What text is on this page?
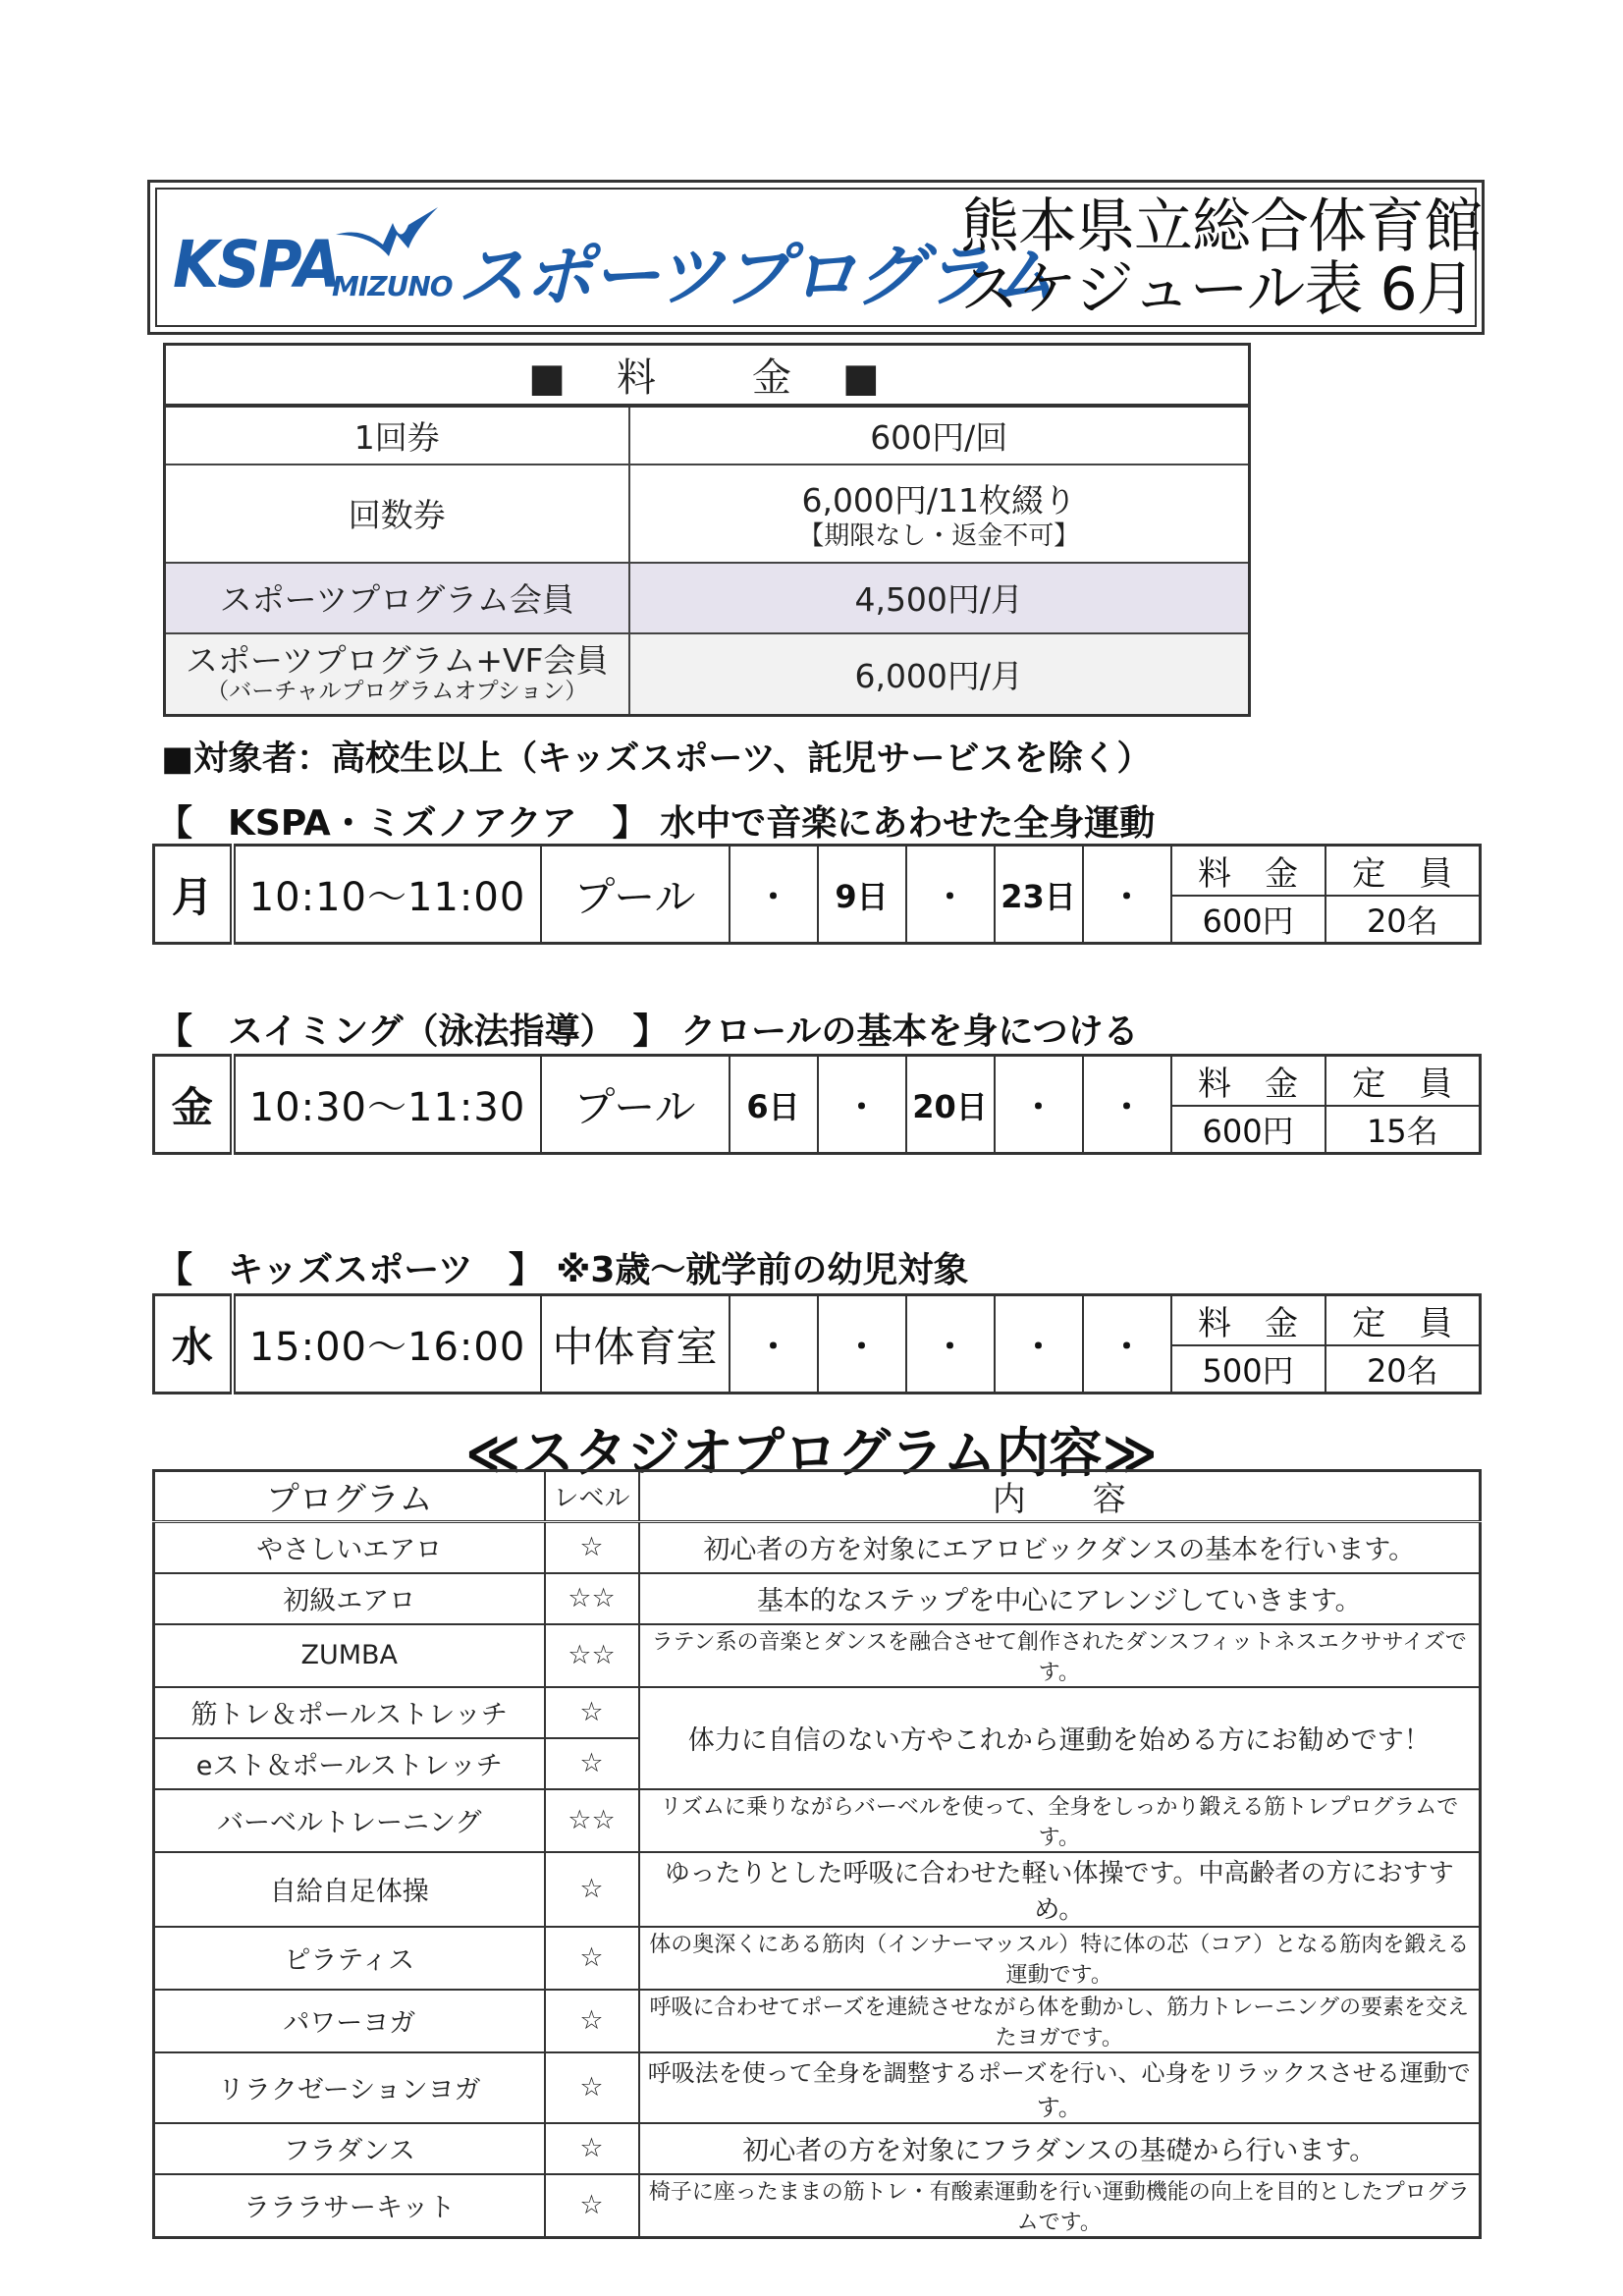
KSPA
MIZUNO スポーツプログラム
熊本県立総合体育館
スケジュール表 6月
■　料　　金　■	
1回券	600円/回
回数券	6,000円/11枚綴り
【期限なし・返金不可】

スポーツプログラム会員	4,500円/月

スポーツプログラム+VF会員
（バーチャルプログラムオプション）	6,000円/月
■対象者：高校生以上（キッズスポーツ、託児サービスを除く）
【　KSPA・ミズノアクア　】 水中で音楽にあわせた全身運動
月	10:10～11:00	プール	・	9日	・	23日	・	料　金	定　員
								600円	20名
【　スイミング（泳法指導）　】 クロールの基本を身につける
金	10:30～11:30	プール	6日	・	20日	・	・	料　金	定　員
								600円	15名
【　キッズスポーツ　】 ※3歳～就学前の幼児対象
水	15:00～16:00	中体育室	・	・	・	・	・	料　金	定　員
								500円	20名
≪スタジオプログラム内容≫
プログラム	レベル	内　　容
やさしいエアロ	☆	初心者の方を対象にエアロビックダンスの基本を行います。
初級エアロ	☆☆	基本的なステップを中心にアレンジしていきます。
ZUMBA	☆☆	ラテン系の音楽とダンスを融合させて創作されたダンスフィットネスエクササイズです。
筋トレ＆ポールストレッチ	☆	体力に自信のない方やこれから運動を始める方にお勧めです！
eスト＆ポールストレッチ	☆	
バーベルトレーニング	☆☆	リズムに乗りながらバーベルを使って、全身をしっかり鍛える筋トレプログラムです。
自給自足体操	☆	ゆったりとした呼吸に合わせた軽い体操です。中高齢者の方におすすめ。
ピラティス	☆	体の奥深くにある筋肉（インナーマッスル）特に体の芯（コア）となる筋肉を鍛える運動です。
パワーヨガ	☆	呼吸に合わせてポーズを連続させながら体を動かし、筋力トレーニングの要素を交えたヨガです。
リラクゼーションヨガ	☆	呼吸法を使って全身を調整するポーズを行い、心身をリラックスさせる運動です。
フラダンス	☆	初心者の方を対象にフラダンスの基礎から行います。
ラララサーキット	☆	椅子に座ったままの筋トレ・有酸素運動を行い運動機能の向上を目的としたプログラムです。
